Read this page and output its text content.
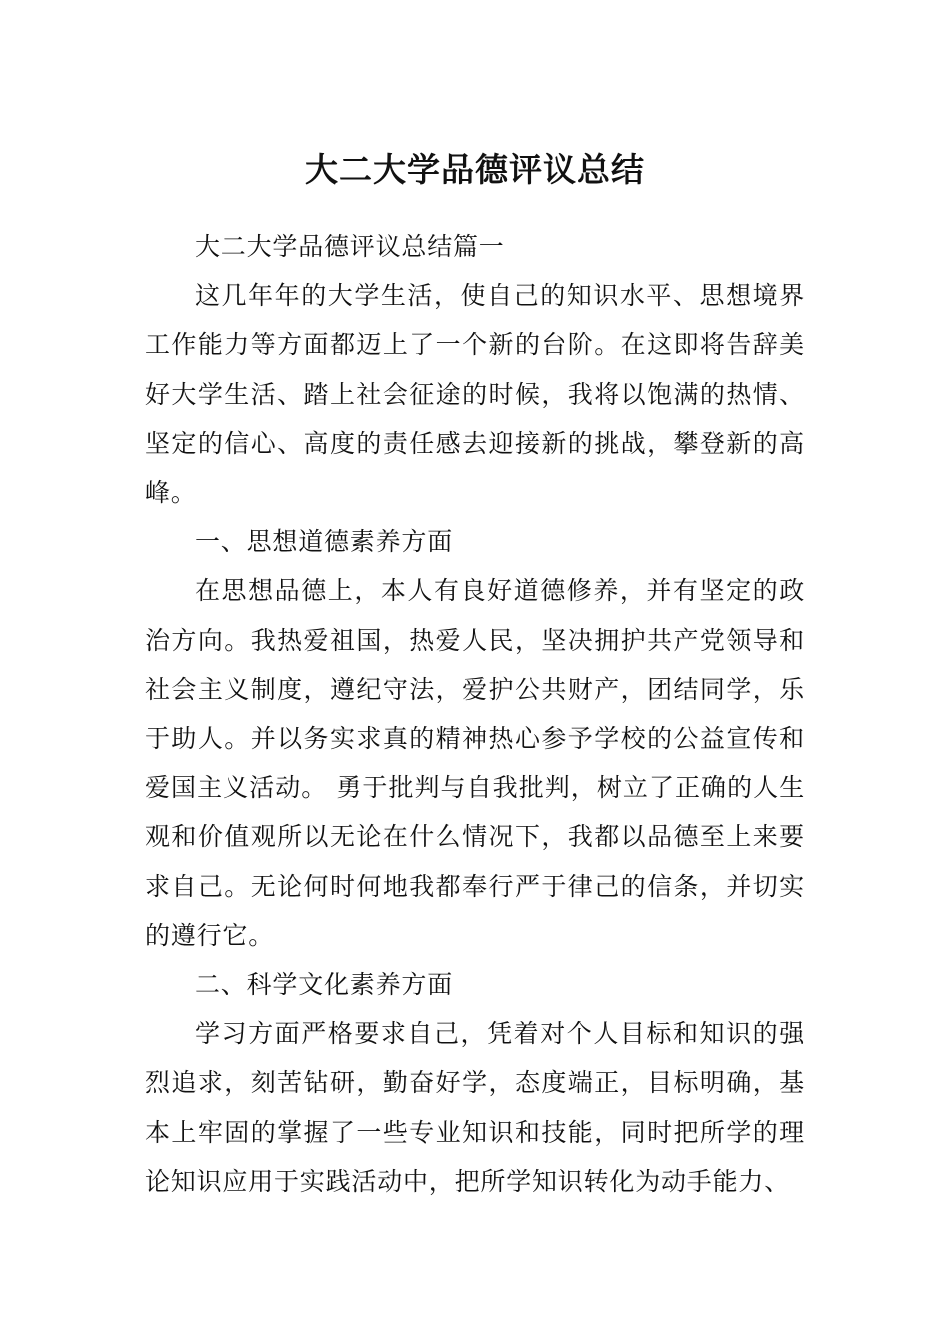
大二大学品德评议总结

大二大学品德评议总结篇一

这几年年的大学生活，使自己的知识水平、思想境界工作能力等方面都迈上了一个新的台阶。在这即将告辞美好大学生活、踏上社会征途的时候，我将以饱满的热情、坚定的信心、高度的责任感去迎接新的挑战，攀登新的高峰。

一、思想道德素养方面

在思想品德上，本人有良好道德修养，并有坚定的政治方向。我热爱祖国，热爱人民，坚决拥护共产党领导和社会主义制度，遵纪守法，爱护公共财产，团结同学，乐于助人。并以务实求真的精神热心参予学校的公益宣传和爱国主义活动。 勇于批判与自我批判，树立了正确的人生观和价值观所以无论在什么情况下，我都以品德至上来要求自己。无论何时何地我都奉行严于律己的信条，并切实的遵行它。

二、科学文化素养方面

学习方面严格要求自己，凭着对个人目标和知识的强烈追求，刻苦钻研，勤奋好学，态度端正，目标明确，基本上牢固的掌握了一些专业知识和技能，同时把所学的理论知识应用于实践活动中，把所学知识转化为动手能力、
